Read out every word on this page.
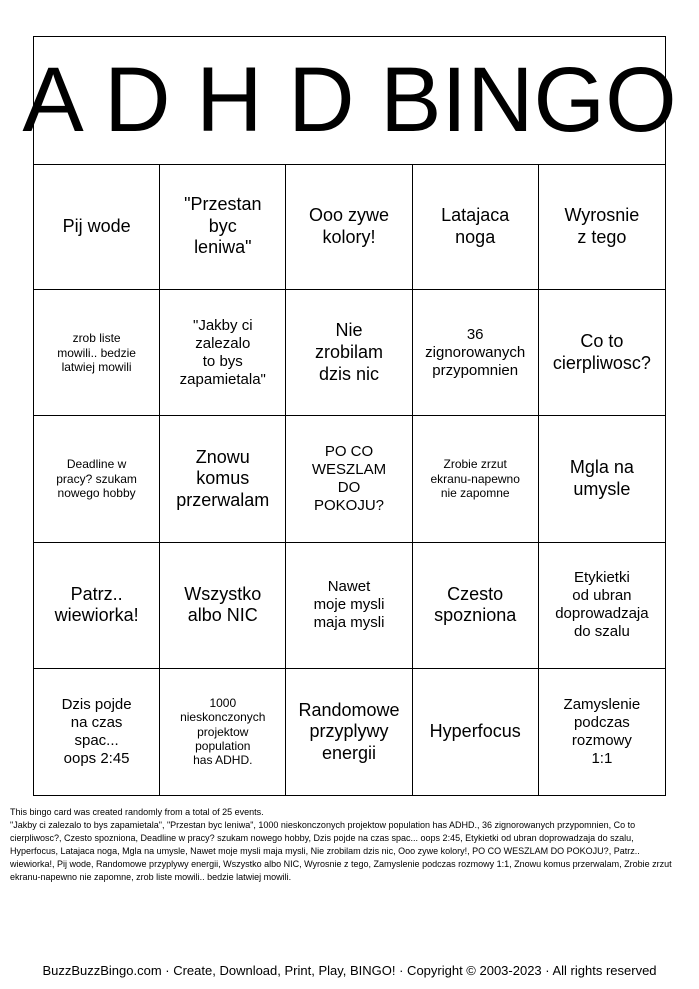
A D H D BINGO
Pij wode
"Przestan
byc
leniwa"
Ooo zywe
kolory!
Latajaca
noga
Wyrosnie
z tego
zrob liste
mowili.. bedzie
latwiej mowili
"Jakby ci
zalezalo
to bys
zapamietala"
Nie
zrobilam
dzis nic
36
zignorowanych
przypomnien
Co to
cierpliwosc?
Deadline w
pracy? szukam
nowego hobby
Znowu
komus
przerwalam
PO CO
WESZLAM
DO
POKOJU?
Zrobie zrzut
ekranu-napewno
nie zapomne
Mgla na
umysle
Patrz..
wiewiorka!
Wszystko
albo NIC
Nawet
moje mysli
maja mysli
Czesto
spozniona
Etykietki
od ubran
doprowadzaja
do szalu
Dzis pojde
na czas
spac...
oops 2:45
1000
nieskonczonych
projektow
population
has ADHD.
Randomowe
przyplywy
energii
Hyperfocus
Zamyslenie
podczas
rozmowy
1:1

This bingo card was created randomly from a total of 25 events.

"Jakby ci zalezalo to bys zapamietala", "Przestan byc leniwa", 1000 nieskonczonych projektow population has ADHD., 36 zignorowanych przypomnien, Co to cierpliwosc?, Czesto spozniona, Deadline w pracy? szukam nowego hobby, Dzis pojde na czas spac... oops 2:45, Etykietki od ubran doprowadzaja do szalu, Hyperfocus, Latajaca noga, Mgla na umysle, Nawet moje mysli maja mysli, Nie zrobilam dzis nic, Ooo zywe kolory!, PO CO WESZLAM DO POKOJU?, Patrz.. wiewiorka!, Pij wode, Randomowe przyplywy energii, Wszystko albo NIC, Wyrosnie z tego, Zamyslenie podczas rozmowy 1:1, Znowu komus przerwalam, Zrobie zrzut ekranu-napewno nie zapomne, zrob liste mowili.. bedzie latwiej mowili.

BuzzBuzzBingo.com · Create, Download, Print, Play, BINGO! · Copyright © 2003-2023 · All rights reserved
